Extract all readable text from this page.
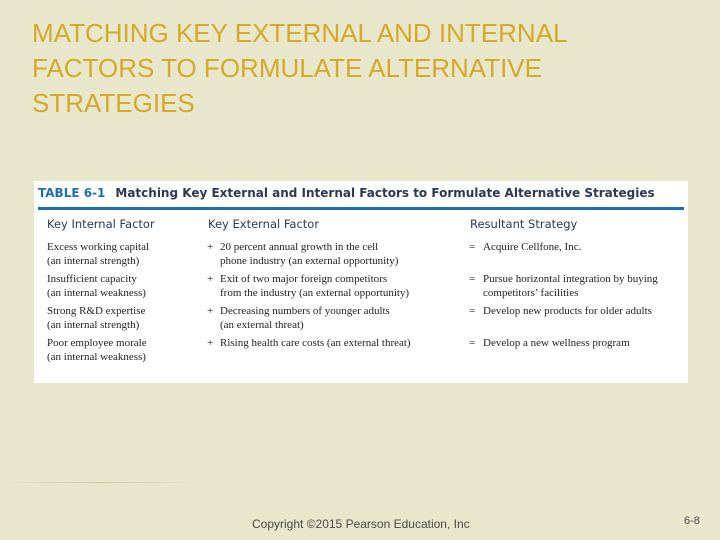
MATCHING KEY EXTERNAL AND INTERNAL
FACTORS TO FORMULATE ALTERNATIVE
STRATEGIES
TABLE 6-1 Matching Key External and Internal Factors to Formulate Alternative Strategies
Key Internal Factor	Key External Factor	Resultant Strategy
Excess working capital
(an internal strength)
+ 20 percent annual growth in the cell
phone industry (an external opportunity)
= Acquire Cellfone, Inc.
Insufficient capacity
(an internal weakness)
+ Exit of two major foreign competitors
from the industry (an external opportunity)
= Pursue horizontal integration by buying
competitors’ facilities
Strong R&D expertise
(an internal strength)
+ Decreasing numbers of younger adults
(an external threat)
= Develop new products for older adults
Poor employee morale
(an internal weakness)
+ Rising health care costs (an external threat)	= Develop a new wellness program
Copyright ©2015 Pearson Education, Inc	6-8
